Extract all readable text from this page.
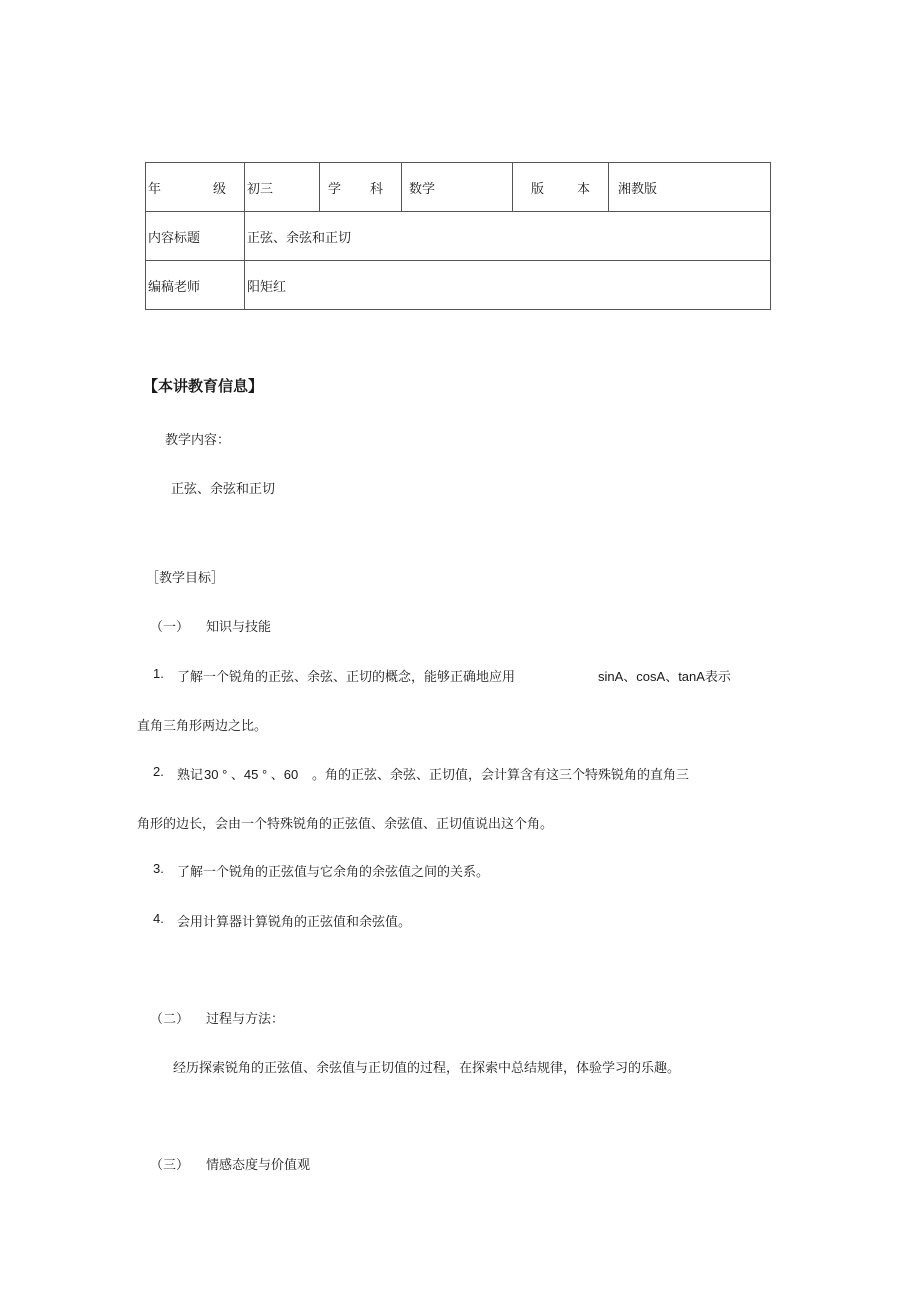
年 级	初三	学 科	数学	版 本	湘教版
内容标题	正弦、余弦和正切				
编稿老师	阳矩红				
【本讲教育信息】
教学内容：
正弦、余弦和正切
［教学目标］
（一） 知识与技能
1. 了解一个锐角的正弦、余弦、正切的概念，能够正确地应用	sinA、cosA、tanA表示
直角三角形两边之比。
2. 熟记 30 ° 、45 ° 、60 。角的正弦、余弦、正切值，会计算含有这三个特殊锐角的直角三
角形的边长，会由一个特殊锐角的正弦值、余弦值、正切值说出这个角。
3. 了解一个锐角的正弦值与它余角的余弦值之间的关系。
4. 会用计算器计算锐角的正弦值和余弦值。
（二） 过程与方法：
经历探索锐角的正弦值、余弦值与正切值的过程，在探索中总结规律，体验学习的乐趣。
（三） 情感态度与价值观
